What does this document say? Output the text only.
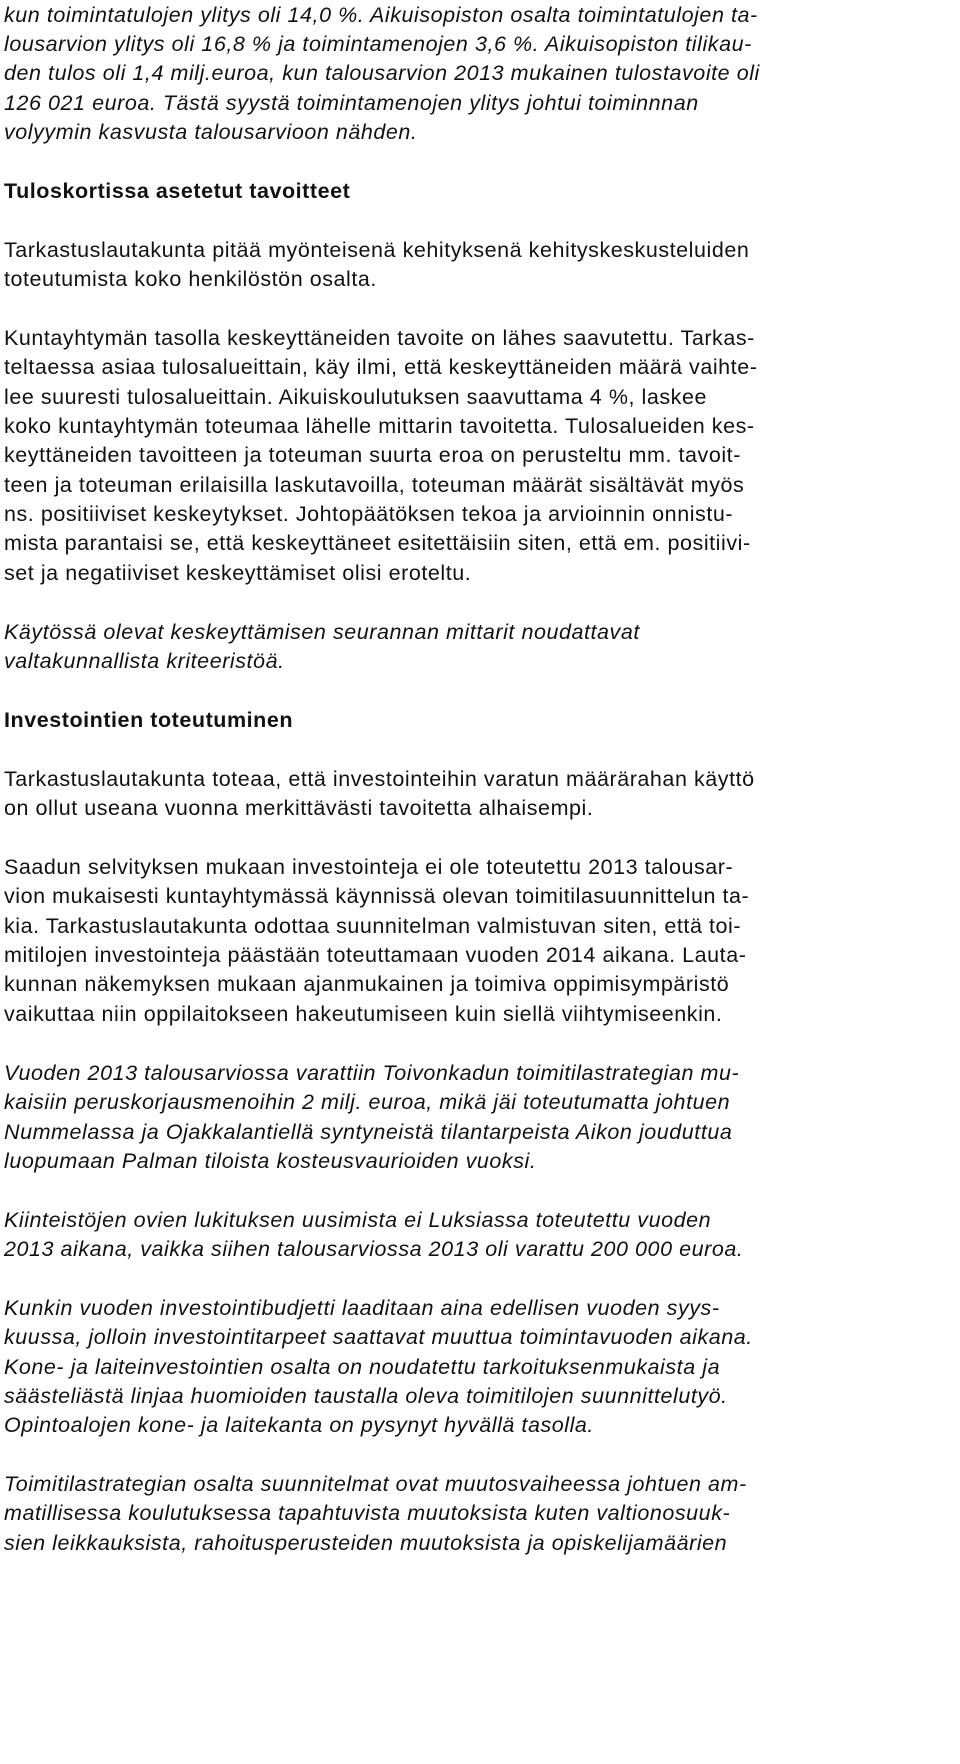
kun toimintatulojen ylitys oli 14,0 %. Aikuisopiston osalta toimintatulojen ta-
lousarvion ylitys oli 16,8 % ja toimintamenojen 3,6 %. Aikuisopiston tilikau-
den tulos oli 1,4 milj.euroa, kun talousarvion 2013 mukainen tulostavoite oli
126 021 euroa. Tästä syystä toimintamenojen ylitys johtui toiminnnan
volyymin kasvusta talousarvioon nähden.
Tuloskortissa asetetut tavoitteet
Tarkastuslautakunta pitää myönteisenä kehityksenä kehityskeskusteluiden
toteutumista koko henkilöstön osalta.
Kuntayhtymän tasolla keskeyttäneiden tavoite on lähes saavutettu. Tarkas-
teltaessa asiaa tulosalueittain, käy ilmi, että keskeyttäneiden määrä vaihte-
lee suuresti tulosalueittain. Aikuiskoulutuksen saavuttama 4 %, laskee
koko kuntayhtymän toteumaa lähelle mittarin tavoitetta. Tulosalueiden kes-
keyttäneiden tavoitteen ja toteuman suurta eroa on perusteltu mm. tavoit-
teen ja toteuman erilaisilla laskutavoilla, toteuman määrät sisältävät myös
ns. positiiviset keskeytykset. Johtopäätöksen tekoa ja arvioinnin onnistu-
mista parantaisi se, että keskeyttäneet esitettäisiin siten, että em. positiivi-
set ja negatiiviset keskeyttämiset olisi eroteltu.
Käytössä olevat keskeyttämisen seurannan mittarit noudattavat
valtakunnallista kriteeristöä.
Investointien toteutuminen
Tarkastuslautakunta toteaa, että investointeihin varatun määrärahan käyttö
on ollut useana vuonna merkittävästi tavoitetta alhaisempi.
Saadun selvityksen mukaan investointeja ei ole toteutettu 2013 talousar-
vion mukaisesti kuntayhtymässä käynnissä olevan toimitilasuunnittelun ta-
kia. Tarkastuslautakunta odottaa suunnitelman valmistuvan siten, että toi-
mitilojen investointeja päästään toteuttamaan vuoden 2014 aikana. Lauta-
kunnan näkemyksen mukaan ajanmukainen ja toimiva oppimisympäristö
vaikuttaa niin oppilaitokseen hakeutumiseen kuin siellä viihtymiseenkin.
Vuoden 2013 talousarviossa varattiin Toivonkadun toimitilastrategian mu-
kaisiin peruskorjausmenoihin 2 milj. euroa, mikä jäi toteutumatta johtuen
Nummelassa ja Ojakkalantiellä syntyneistä tilantarpeista Aikon jouduttua
luopumaan Palman tiloista kosteusvaurioiden vuoksi.
Kiinteistöjen ovien lukituksen uusimista ei Luksiassa toteutettu vuoden
2013 aikana, vaikka siihen talousarviossa 2013 oli varattu 200 000 euroa.
Kunkin vuoden investointibudjetti laaditaan aina edellisen vuoden syys-
kuussa, jolloin investointitarpeet saattavat muuttua toimintavuoden aikana.
Kone- ja laiteinvestointien osalta on noudatettu tarkoituksenmukaista ja
säästeliästä linjaa huomioiden taustalla oleva toimitilojen suunnittelutyö.
Opintoalojen kone- ja laitekanta on pysynyt hyvällä tasolla.
Toimitilastrategian osalta suunnitelmat ovat muutosvaiheessa johtuen am-
matillisessa koulutuksessa tapahtuvista muutoksista kuten valtionosuuk-
sien leikkauksista, rahoitusperusteiden muutoksista ja opiskelijamäärien
